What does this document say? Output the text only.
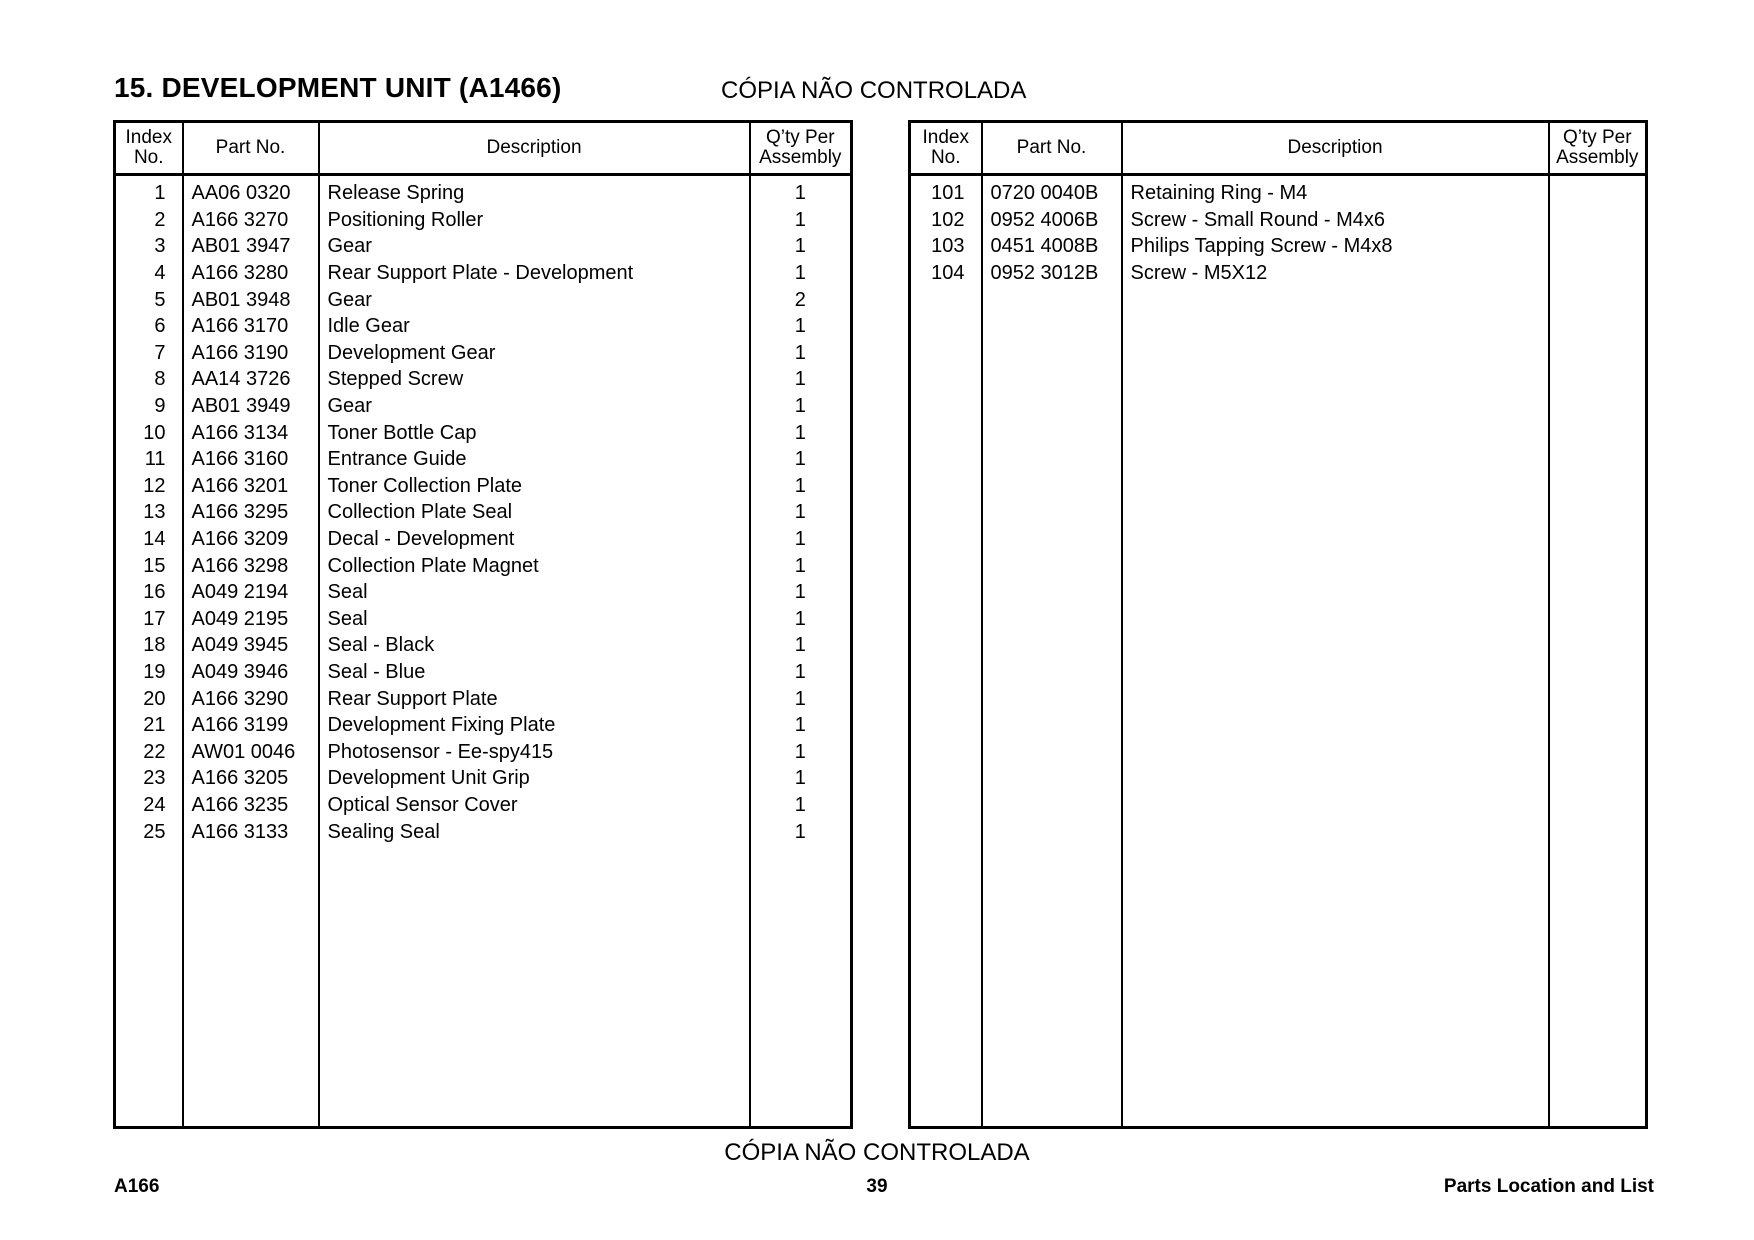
15. DEVELOPMENT UNIT (A1466)	CÓPIA NÃO CONTROLADA
Index
No.	Part No.	Description	Q’ty Per
Assembly
1	AA06 0320	Release Spring	1
2	A166 3270	Positioning Roller	1
3	AB01 3947	Gear	1
4	A166 3280	Rear Support Plate - Development	1
5	AB01 3948	Gear	2
6	A166 3170	Idle Gear	1
7	A166 3190	Development Gear	1
8	AA14 3726	Stepped Screw	1
9	AB01 3949	Gear	1
10	A166 3134	Toner Bottle Cap	1
11	A166 3160	Entrance Guide	1
12	A166 3201	Toner Collection Plate	1
13	A166 3295	Collection Plate Seal	1
14	A166 3209	Decal - Development	1
15	A166 3298	Collection Plate Magnet	1
16	A049 2194	Seal	1
17	A049 2195	Seal	1
18	A049 3945	Seal - Black	1
19	A049 3946	Seal - Blue	1
20	A166 3290	Rear Support Plate	1
21	A166 3199	Development Fixing Plate	1
22	AW01 0046	Photosensor - Ee-spy415	1
23	A166 3205	Development Unit Grip	1
24	A166 3235	Optical Sensor Cover	1
25	A166 3133	Sealing Seal	1

Index
No.	Part No.	Description	Q’ty Per
Assembly
101	0720 0040B	Retaining Ring - M4	
102	0952 4006B	Screw - Small Round - M4x6	
103	0451 4008B	Philips Tapping Screw - M4x8	
104	0952 3012B	Screw - M5X12	

CÓPIA NÃO CONTROLADA
A166	39	Parts Location and List
